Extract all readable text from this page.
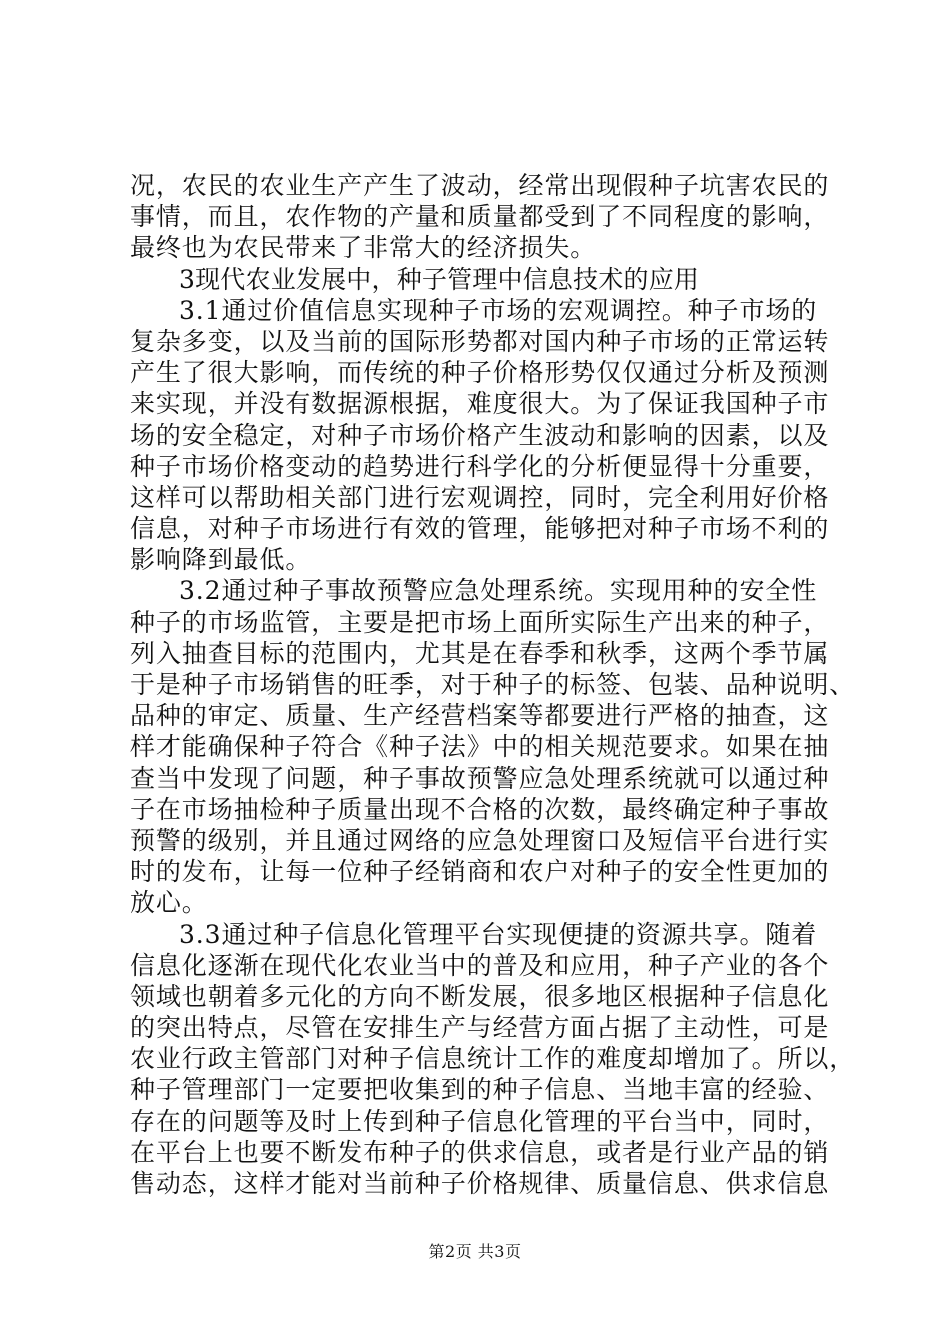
况，农民的农业生产产生了波动，经常出现假种子坑害农民的
事情，而且，农作物的产量和质量都受到了不同程度的影响，
最终也为农民带来了非常大的经济损失。
3现代农业发展中，种子管理中信息技术的应用
3.1通过价值信息实现种子市场的宏观调控。种子市场的
复杂多变，以及当前的国际形势都对国内种子市场的正常运转
产生了很大影响，而传统的种子价格形势仅仅通过分析及预测
来实现，并没有数据源根据，难度很大。为了保证我国种子市
场的安全稳定，对种子市场价格产生波动和影响的因素，以及
种子市场价格变动的趋势进行科学化的分析便显得十分重要，
这样可以帮助相关部门进行宏观调控，同时，完全利用好价格
信息，对种子市场进行有效的管理，能够把对种子市场不利的
影响降到最低。
3.2通过种子事故预警应急处理系统。实现用种的安全性
种子的市场监管，主要是把市场上面所实际生产出来的种子，
列入抽查目标的范围内，尤其是在春季和秋季，这两个季节属
于是种子市场销售的旺季，对于种子的标签、包装、品种说明、
品种的审定、质量、生产经营档案等都要进行严格的抽查，这
样才能确保种子符合《种子法》中的相关规范要求。如果在抽
查当中发现了问题，种子事故预警应急处理系统就可以通过种
子在市场抽检种子质量出现不合格的次数，最终确定种子事故
预警的级别，并且通过网络的应急处理窗口及短信平台进行实
时的发布，让每一位种子经销商和农户对种子的安全性更加的
放心。
3.3通过种子信息化管理平台实现便捷的资源共享。随着
信息化逐渐在现代化农业当中的普及和应用，种子产业的各个
领域也朝着多元化的方向不断发展，很多地区根据种子信息化
的突出特点，尽管在安排生产与经营方面占据了主动性，可是
农业行政主管部门对种子信息统计工作的难度却增加了。所以，
种子管理部门一定要把收集到的种子信息、当地丰富的经验、
存在的问题等及时上传到种子信息化管理的平台当中，同时，
在平台上也要不断发布种子的供求信息，或者是行业产品的销
售动态，这样才能对当前种子价格规律、质量信息、供求信息
第2页 共3页
